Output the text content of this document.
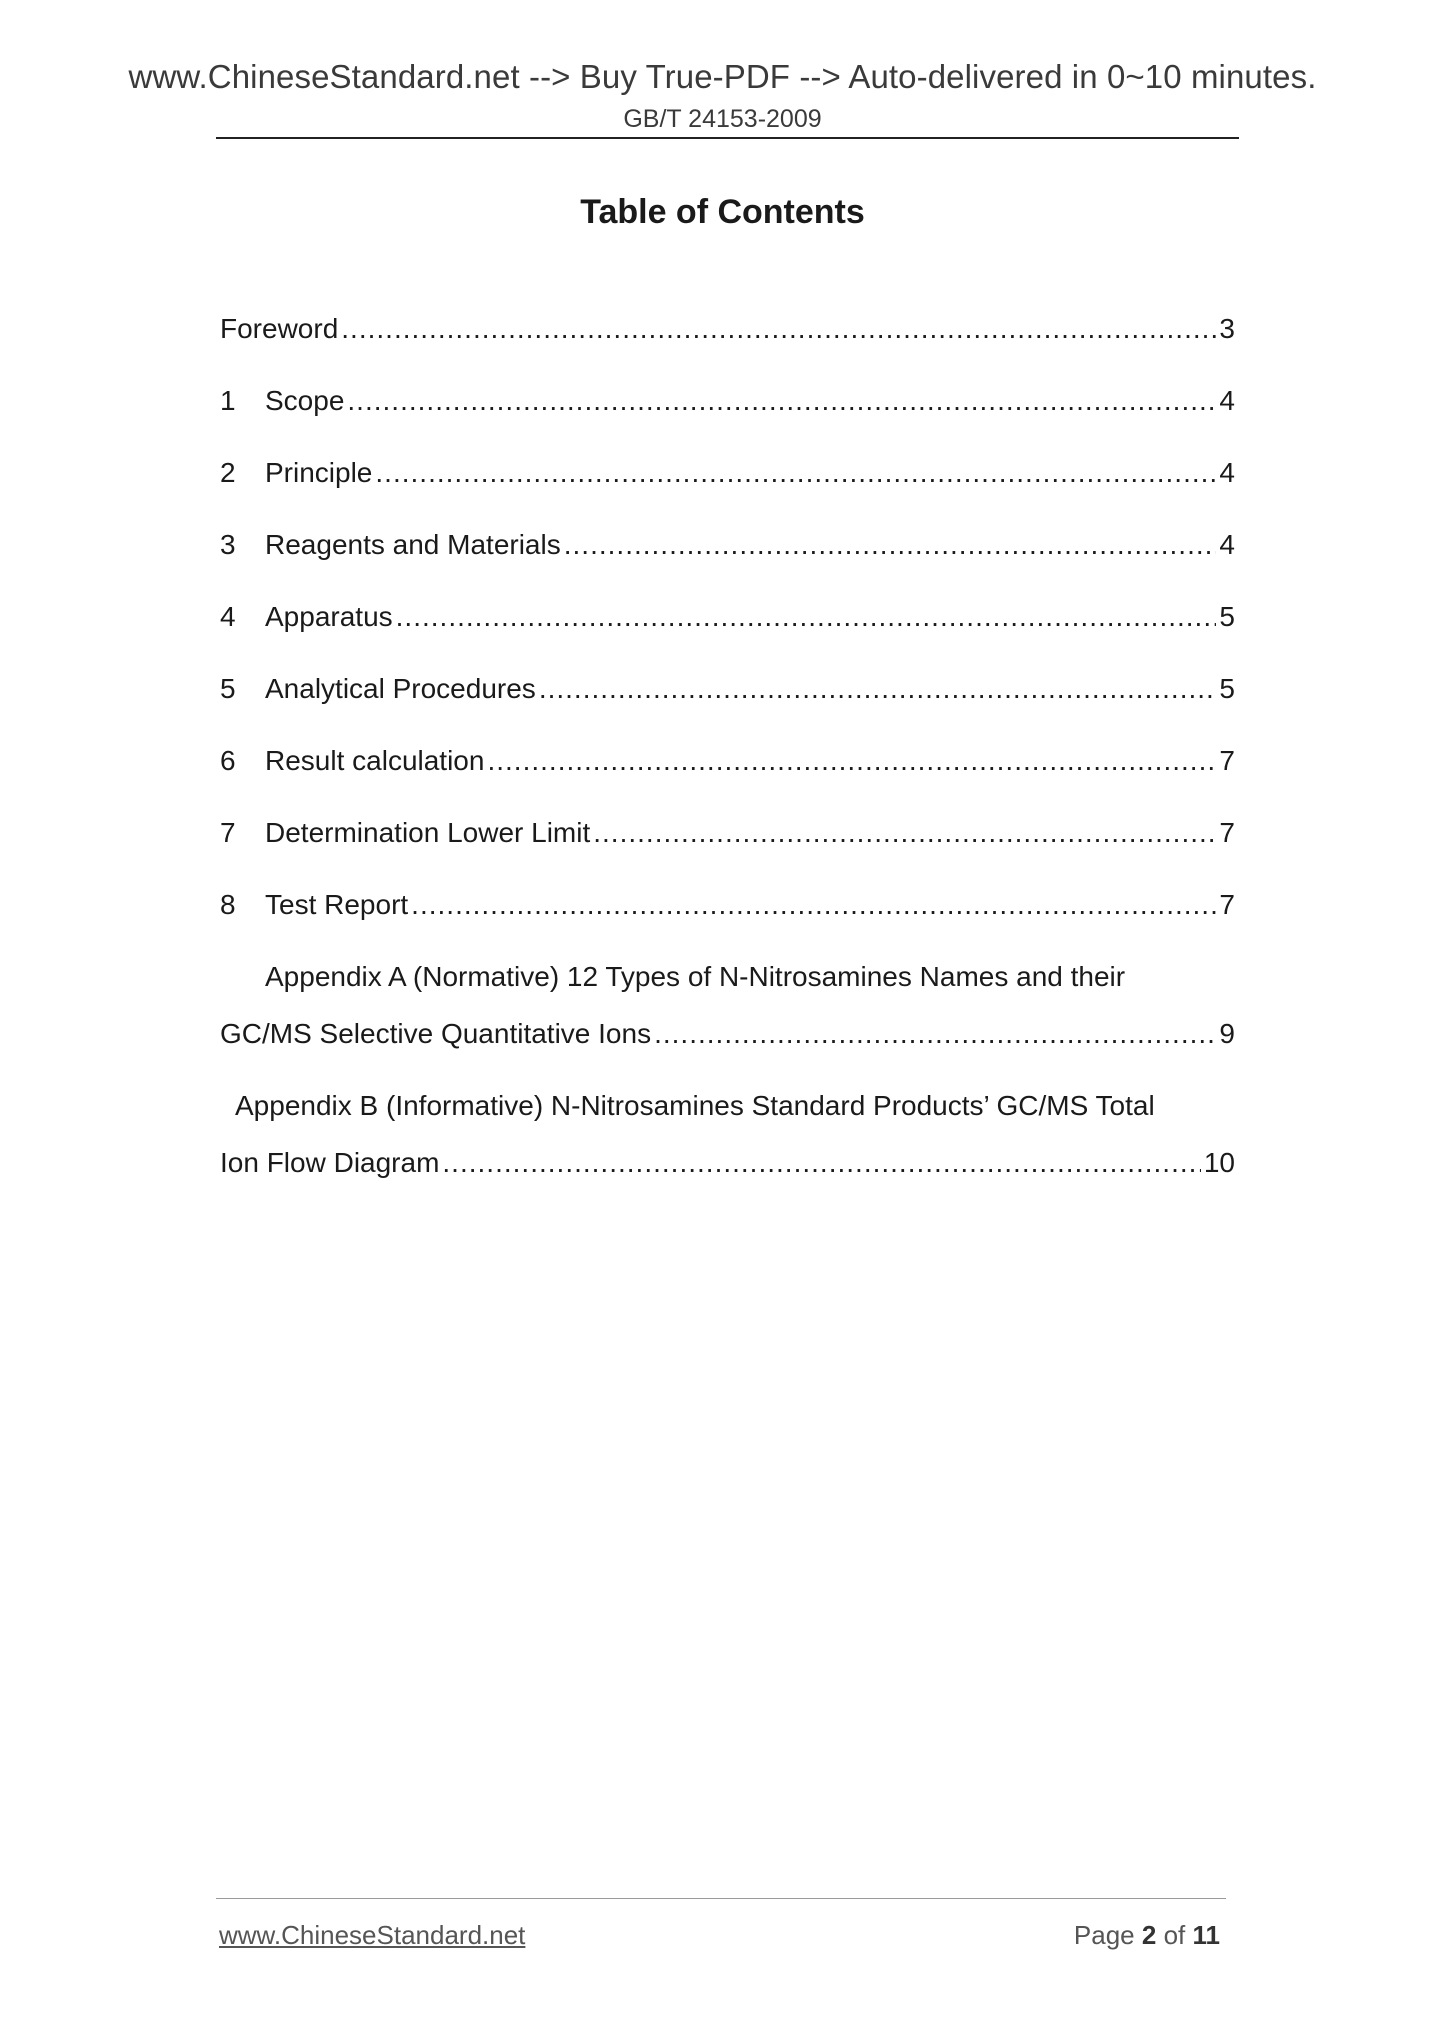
www.ChineseStandard.net --> Buy True-PDF --> Auto-delivered in 0~10 minutes.
GB/T 24153-2009
Table of Contents
Foreword .....	3
1	Scope .....	4
2	Principle .....	4
3	Reagents and Materials .....	4
4	Apparatus .....	5
5	Analytical Procedures .....	5
6	Result calculation .....	7
7	Determination Lower Limit .....	7
8	Test Report .....	7
Appendix A (Normative) 12 Types of N-Nitrosamines Names and their
GC/MS Selective Quantitative Ions .....	9
Appendix B (Informative) N-Nitrosamines Standard Products’ GC/MS Total
Ion Flow Diagram .....	10
www.ChineseStandard.net	Page 2 of 11
